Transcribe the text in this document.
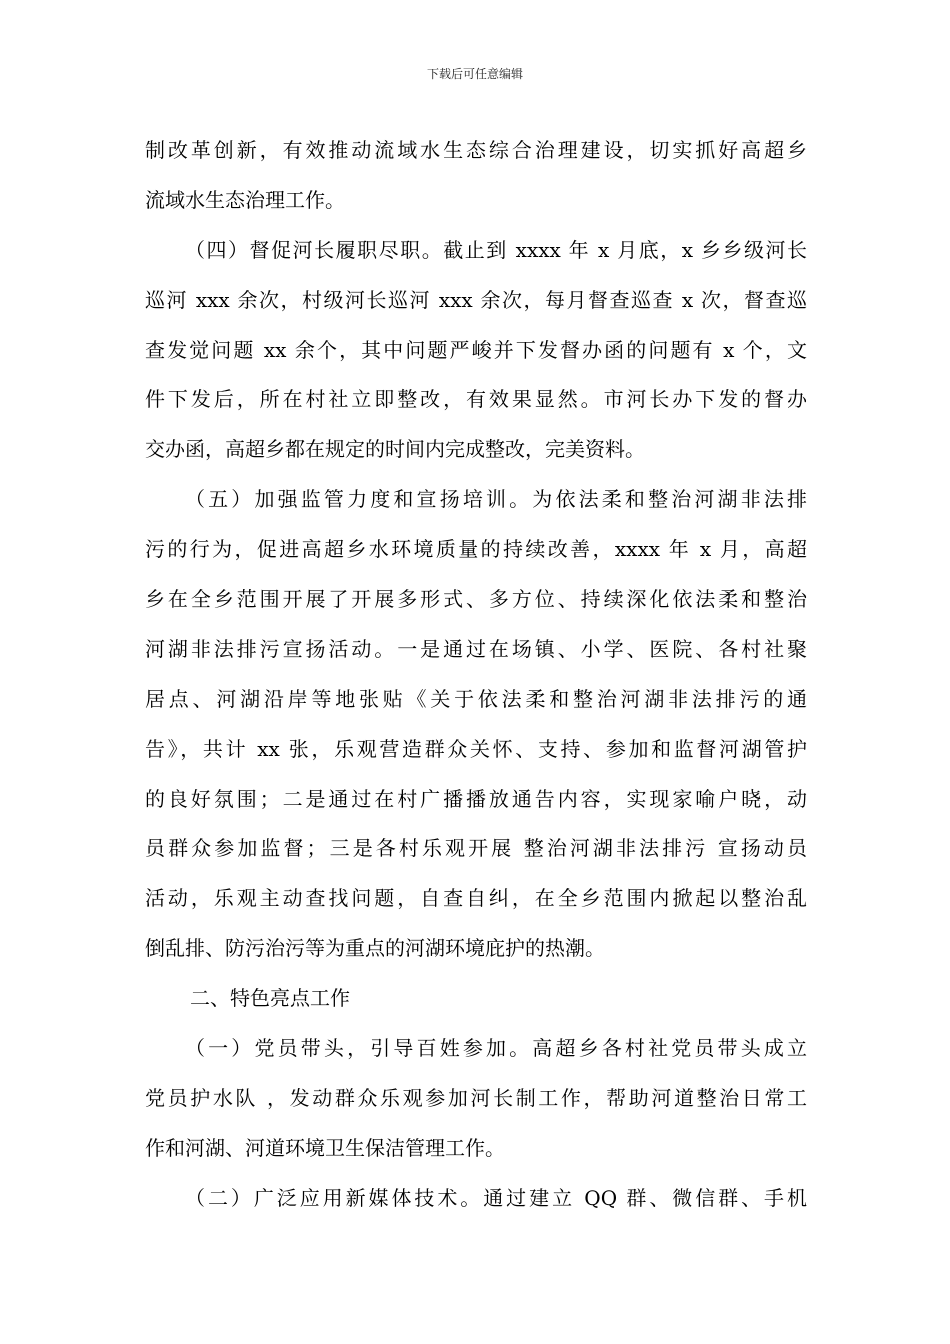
下载后可任意编辑
制改革创新，有效推动流域水生态综合治理建设，切实抓好高超乡
流域水生态治理工作。
（四）督促河长履职尽职。截止到 xxxx 年 x 月底，x 乡乡级河长
巡河 xxx 余次，村级河长巡河 xxx 余次，每月督查巡查 x 次，督查巡
查发觉问题 xx 余个，其中问题严峻并下发督办函的问题有 x 个，文
件下发后，所在村社立即整改，有效果显然。市河长办下发的督办
交办函，高超乡都在规定的时间内完成整改，完美资料。
（五）加强监管力度和宣扬培训。为依法柔和整治河湖非法排
污的行为，促进高超乡水环境质量的持续改善，xxxx 年 x 月，高超
乡在全乡范围开展了开展多形式、多方位、持续深化依法柔和整治
河湖非法排污宣扬活动。一是通过在场镇、小学、医院、各村社聚
居点、河湖沿岸等地张贴《关于依法柔和整治河湖非法排污的通
告》，共计 xx 张，乐观营造群众关怀、支持、参加和监督河湖管护
的良好氛围；二是通过在村广播播放通告内容，实现家喻户晓，动
员群众参加监督；三是各村乐观开展 整治河湖非法排污 宣扬动员
活动，乐观主动查找问题，自查自纠，在全乡范围内掀起以整治乱
倒乱排、防污治污等为重点的河湖环境庇护的热潮。
二、特色亮点工作
（一）党员带头，引导百姓参加。高超乡各村社党员带头成立
党员护水队 ，发动群众乐观参加河长制工作，帮助河道整治日常工
作和河湖、河道环境卫生保洁管理工作。
（二）广泛应用新媒体技术。通过建立 QQ 群、微信群、手机
